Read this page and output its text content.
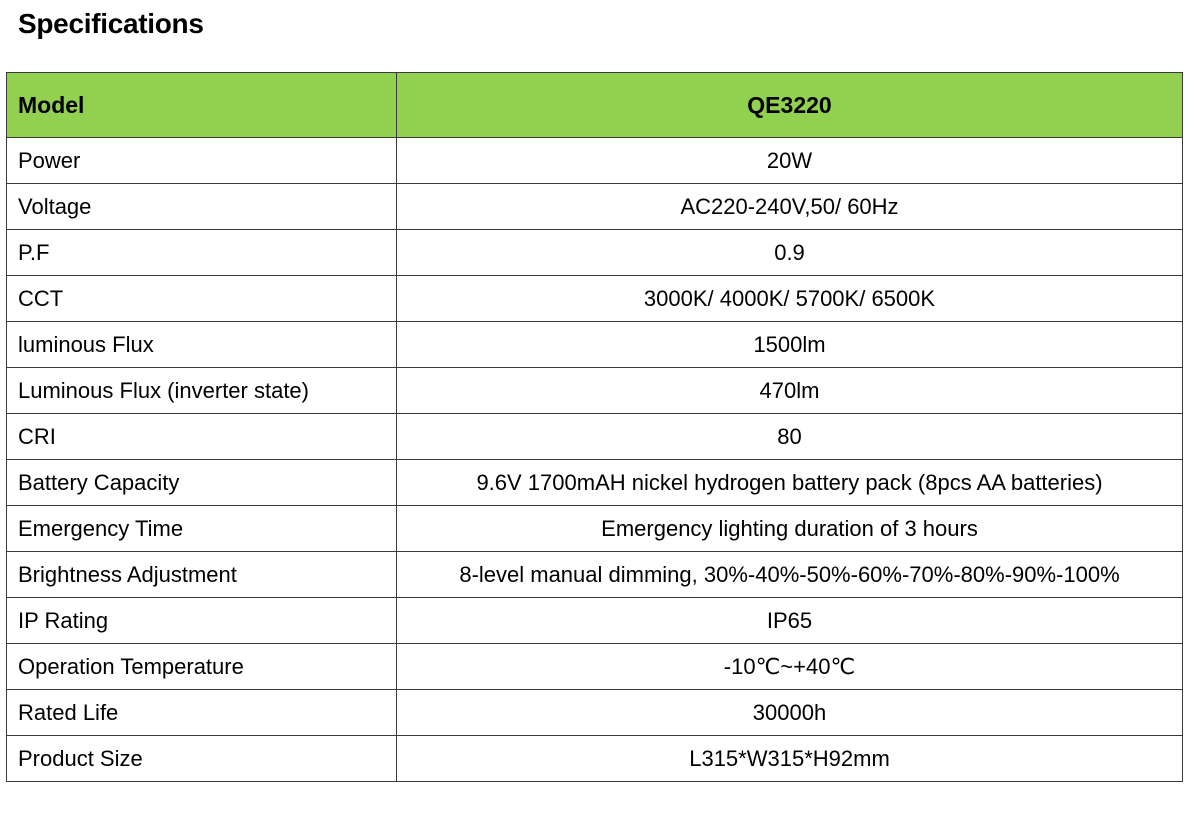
Specifications
Model	QE3220
Power	20W
Voltage	AC220-240V,50/ 60Hz
P.F	0.9
CCT	3000K/ 4000K/ 5700K/ 6500K
luminous Flux	1500lm
Luminous Flux (inverter state)	470lm
CRI	80
Battery Capacity	9.6V 1700mAH nickel hydrogen battery pack (8pcs AA batteries)
Emergency Time	Emergency lighting duration of 3 hours
Brightness Adjustment	8-level manual dimming, 30%-40%-50%-60%-70%-80%-90%-100%
IP Rating	IP65
Operation Temperature	-10℃~+40℃
Rated Life	30000h
Product Size	L315*W315*H92mm
